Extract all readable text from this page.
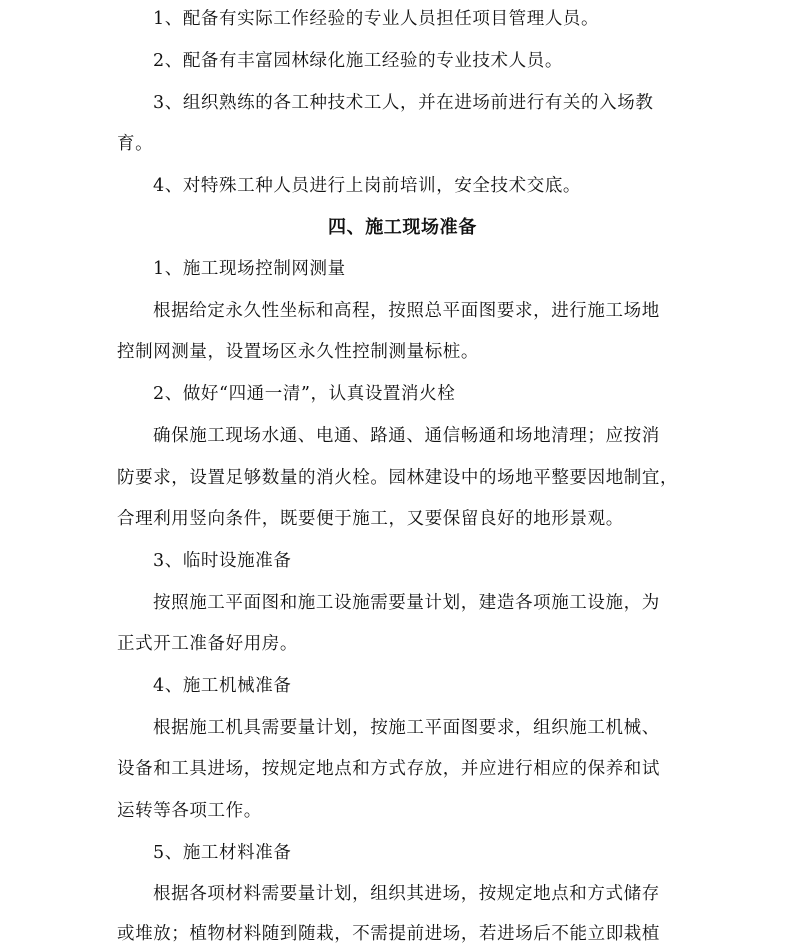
1、配备有实际工作经验的专业人员担任项目管理人员。
2、配备有丰富园林绿化施工经验的专业技术人员。
3、组织熟练的各工种技术工人，并在进场前进行有关的入场教
育。
4、对特殊工种人员进行上岗前培训，安全技术交底。
四、施工现场准备
1、施工现场控制网测量
根据给定永久性坐标和高程，按照总平面图要求，进行施工场地
控制网测量，设置场区永久性控制测量标桩。
2、做好“四通一清”，认真设置消火栓
确保施工现场水通、电通、路通、通信畅通和场地清理；应按消
防要求，设置足够数量的消火栓。园林建设中的场地平整要因地制宜，
合理利用竖向条件，既要便于施工，又要保留良好的地形景观。
3、临时设施准备
按照施工平面图和施工设施需要量计划，建造各项施工设施，为
正式开工准备好用房。
4、施工机械准备
根据施工机具需要量计划，按施工平面图要求，组织施工机械、
设备和工具进场，按规定地点和方式存放，并应进行相应的保养和试
运转等各项工作。
5、施工材料准备
根据各项材料需要量计划，组织其进场，按规定地点和方式储存
或堆放；植物材料随到随栽，不需提前进场，若进场后不能立即栽植
